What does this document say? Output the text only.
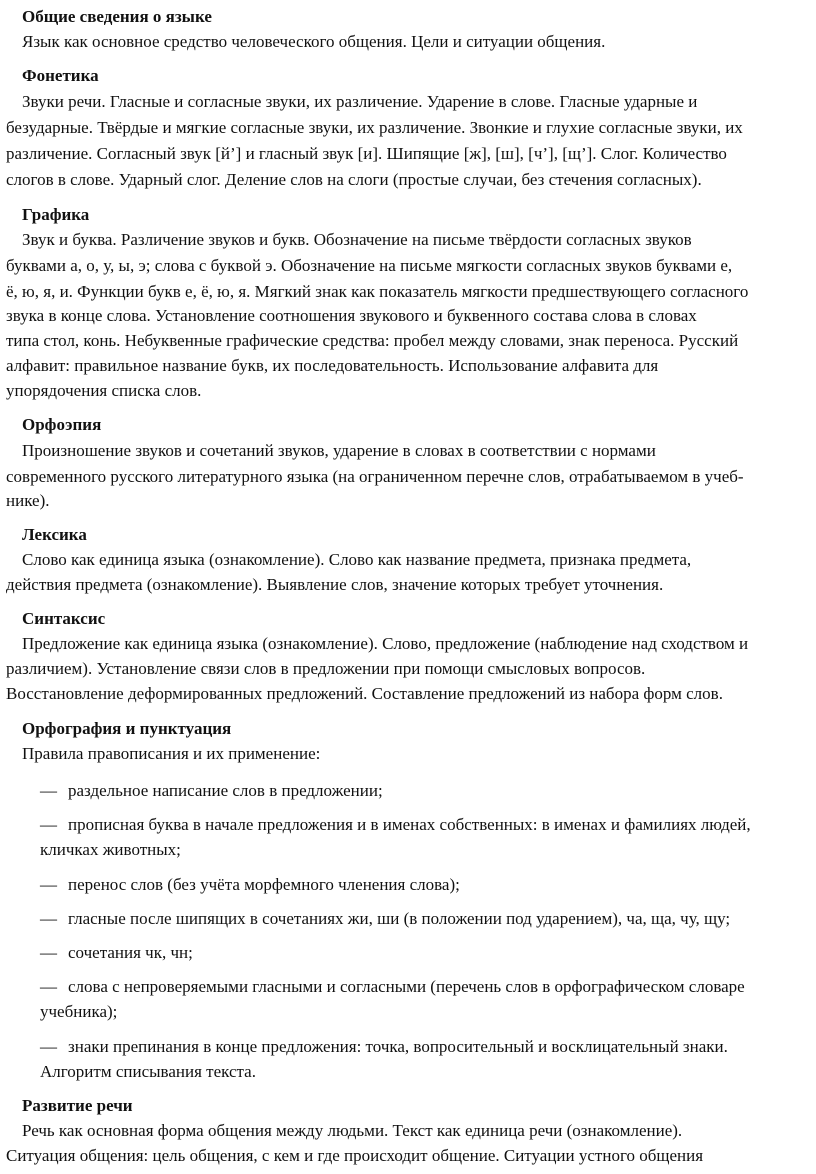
Общие сведения о языке
Язык как основное средство человеческого общения. Цели и ситуации общения.
Фонетика
Звуки речи. Гласные и согласные звуки, их различение. Ударение в слове. Гласные ударные и
безударные. Твёрдые и мягкие согласные звуки, их различение. Звонкие и глухие согласные звуки, их
различение. Согласный звук [й’] и гласный звук [и]. Шипящие [ж], [ш], [ч’], [щ’]. Слог. Количество
слогов в слове. Ударный слог. Деление слов на слоги (простые случаи, без стечения согласных).
Графика
Звук и буква. Различение звуков и букв. Обозначение на письме твёрдости согласных звуков
буквами а, о, у, ы, э; слова с буквой э. Обозначение на письме мягкости согласных звуков буквами е,
ё, ю, я, и. Функции букв е, ё, ю, я. Мягкий знак как показатель мягкости предшествующего согласного
звука в конце слова. Установление соотношения звукового и буквенного состава слова в словах
типа стол, конь. Небуквенные графические средства: пробел между словами, знак переноса. Русский
алфавит: правильное название букв, их последовательность. Использование алфавита для
упорядочения списка слов.
Орфоэпия
Произношение звуков и сочетаний звуков, ударение в словах в соответствии с нормами
современного русского литературного языка (на ограниченном перечне слов, отрабатываемом в учеб-
нике).
Лексика
Слово как единица языка (ознакомление). Слово как название предмета, признака предмета,
действия предмета (ознакомление). Выявление слов, значение которых требует уточнения.
Синтаксис
Предложение как единица языка (ознакомление). Слово, предложение (наблюдение над сходством и
различием). Установление связи слов в предложении при помощи смысловых вопросов.
Восстановление деформированных предложений. Составление предложений из набора форм слов.
Орфография и пунктуация
Правила правописания и их применение:
— раздельное написание слов в предложении;
— прописная буква в начале предложения и в именах собственных: в именах и фамилиях людей,
кличках животных;
— перенос слов (без учёта морфемного членения слова);
— гласные после шипящих в сочетаниях жи, ши (в положении под ударением), ча, ща, чу, щу;
— сочетания чк, чн;
— слова с непроверяемыми гласными и согласными (перечень слов в орфографическом словаре
учебника);
— знаки препинания в конце предложения: точка, вопросительный и восклицательный знаки.
Алгоритм списывания текста.
Развитие речи
Речь как основная форма общения между людьми. Текст как единица речи (ознакомление).
Ситуация общения: цель общения, с кем и где происходит общение. Ситуации устного общения
